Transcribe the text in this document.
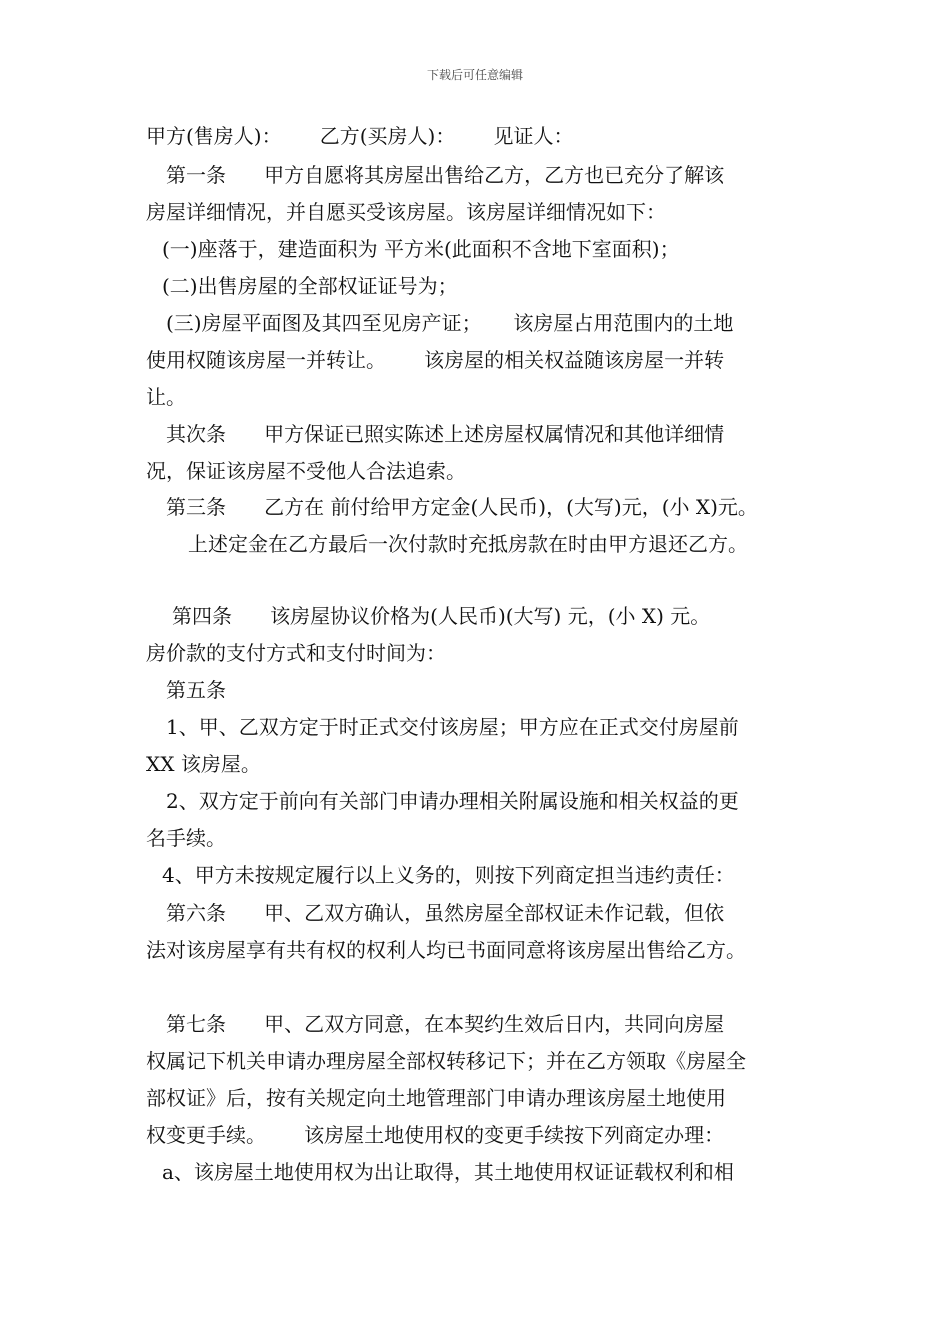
下载后可任意编辑
甲方(售房人)：      乙方(买房人)：      见证人：
第一条      甲方自愿将其房屋出售给乙方，乙方也已充分了解该
房屋详细情况，并自愿买受该房屋。该房屋详细情况如下：
(一)座落于，建造面积为 平方米(此面积不含地下室面积)；
(二)出售房屋的全部权证证号为；
(三)房屋平面图及其四至见房产证；     该房屋占用范围内的土地
使用权随该房屋一并转让。      该房屋的相关权益随该房屋一并转
让。
其次条      甲方保证已照实陈述上述房屋权属情况和其他详细情
况，保证该房屋不受他人合法追索。
第三条      乙方在 前付给甲方定金(人民币)，(大写)元，(小 X)元。
上述定金在乙方最后一次付款时充抵房款在时由甲方退还乙方。
第四条      该房屋协议价格为(人民币)(大写) 元，(小 X) 元。
房价款的支付方式和支付时间为：
第五条
1、甲、乙双方定于时正式交付该房屋；甲方应在正式交付房屋前
XX 该房屋。
2、双方定于前向有关部门申请办理相关附属设施和相关权益的更
名手续。
4、甲方未按规定履行以上义务的，则按下列商定担当违约责任：
第六条      甲、乙双方确认，虽然房屋全部权证未作记载，但依
法对该房屋享有共有权的权利人均已书面同意将该房屋出售给乙方。
第七条      甲、乙双方同意，在本契约生效后日内，共同向房屋
权属记下机关申请办理房屋全部权转移记下；并在乙方领取《房屋全
部权证》后，按有关规定向土地管理部门申请办理该房屋土地使用
权变更手续。      该房屋土地使用权的变更手续按下列商定办理：
a、该房屋土地使用权为出让取得，其土地使用权证证载权利和相
